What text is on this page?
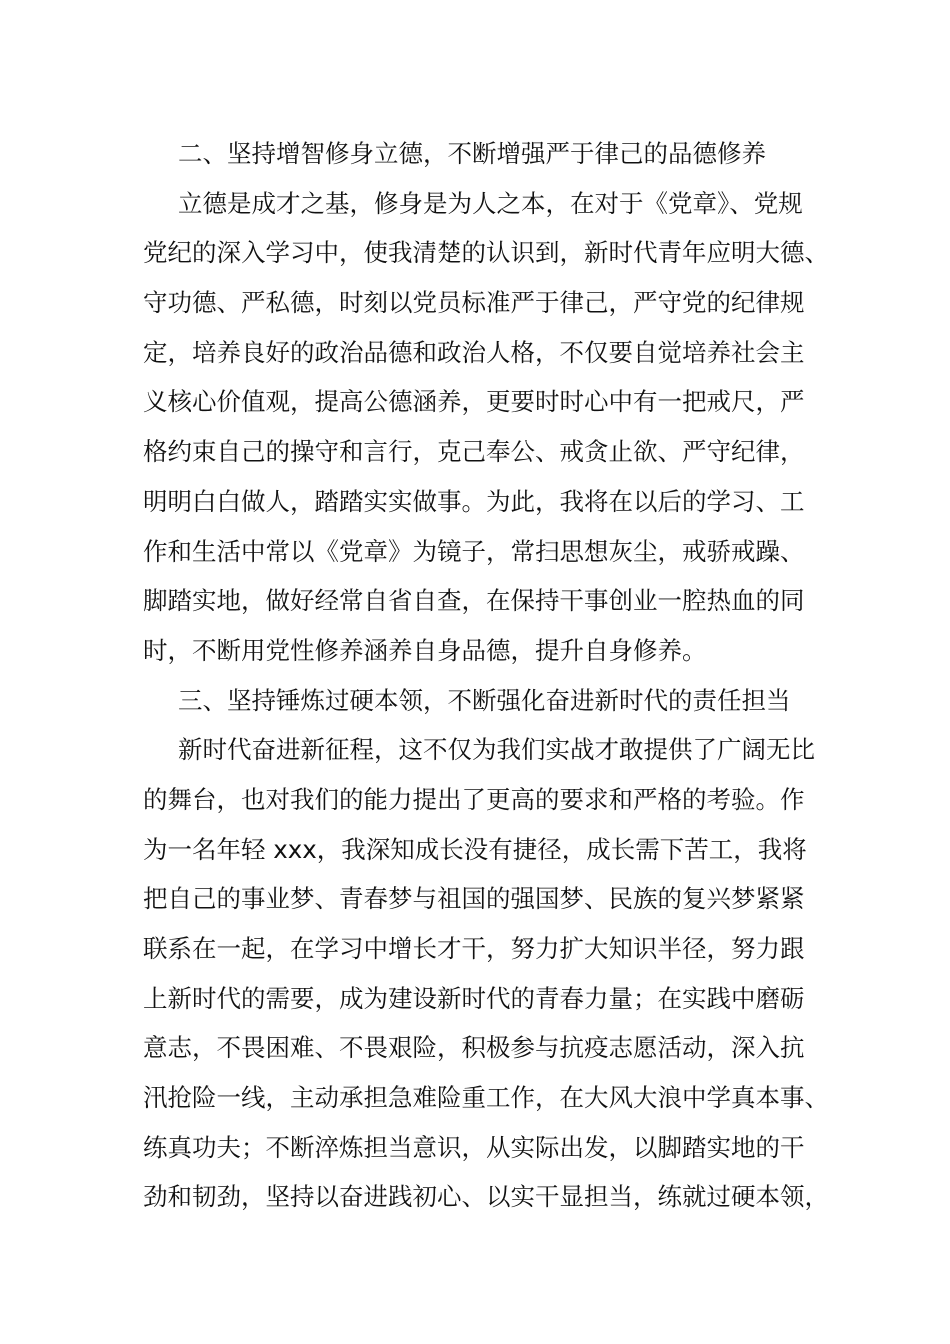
二、坚持增智修身立德，不断增强严于律己的品德修养
立德是成才之基，修身是为人之本，在对于《党章》、党规
党纪的深入学习中，使我清楚的认识到，新时代青年应明大德、
守功德、严私德，时刻以党员标准严于律己，严守党的纪律规
定，培养良好的政治品德和政治人格，不仅要自觉培养社会主
义核心价值观，提高公德涵养，更要时时心中有一把戒尺，严
格约束自己的操守和言行，克己奉公、戒贪止欲、严守纪律，
明明白白做人，踏踏实实做事。为此，我将在以后的学习、工
作和生活中常以《党章》为镜子，常扫思想灰尘，戒骄戒躁、
脚踏实地，做好经常自省自查，在保持干事创业一腔热血的同
时，不断用党性修养涵养自身品德，提升自身修养。
三、坚持锤炼过硬本领，不断强化奋进新时代的责任担当
新时代奋进新征程，这不仅为我们实战才敢提供了广阔无比
的舞台，也对我们的能力提出了更高的要求和严格的考验。作
为一名年轻 xxx，我深知成长没有捷径，成长需下苦工，我将
把自己的事业梦、青春梦与祖国的强国梦、民族的复兴梦紧紧
联系在一起，在学习中增长才干，努力扩大知识半径，努力跟
上新时代的需要，成为建设新时代的青春力量；在实践中磨砺
意志，不畏困难、不畏艰险，积极参与抗疫志愿活动，深入抗
汛抢险一线，主动承担急难险重工作，在大风大浪中学真本事、
练真功夫；不断淬炼担当意识，从实际出发，以脚踏实地的干
劲和韧劲，坚持以奋进践初心、以实干显担当，练就过硬本领，
